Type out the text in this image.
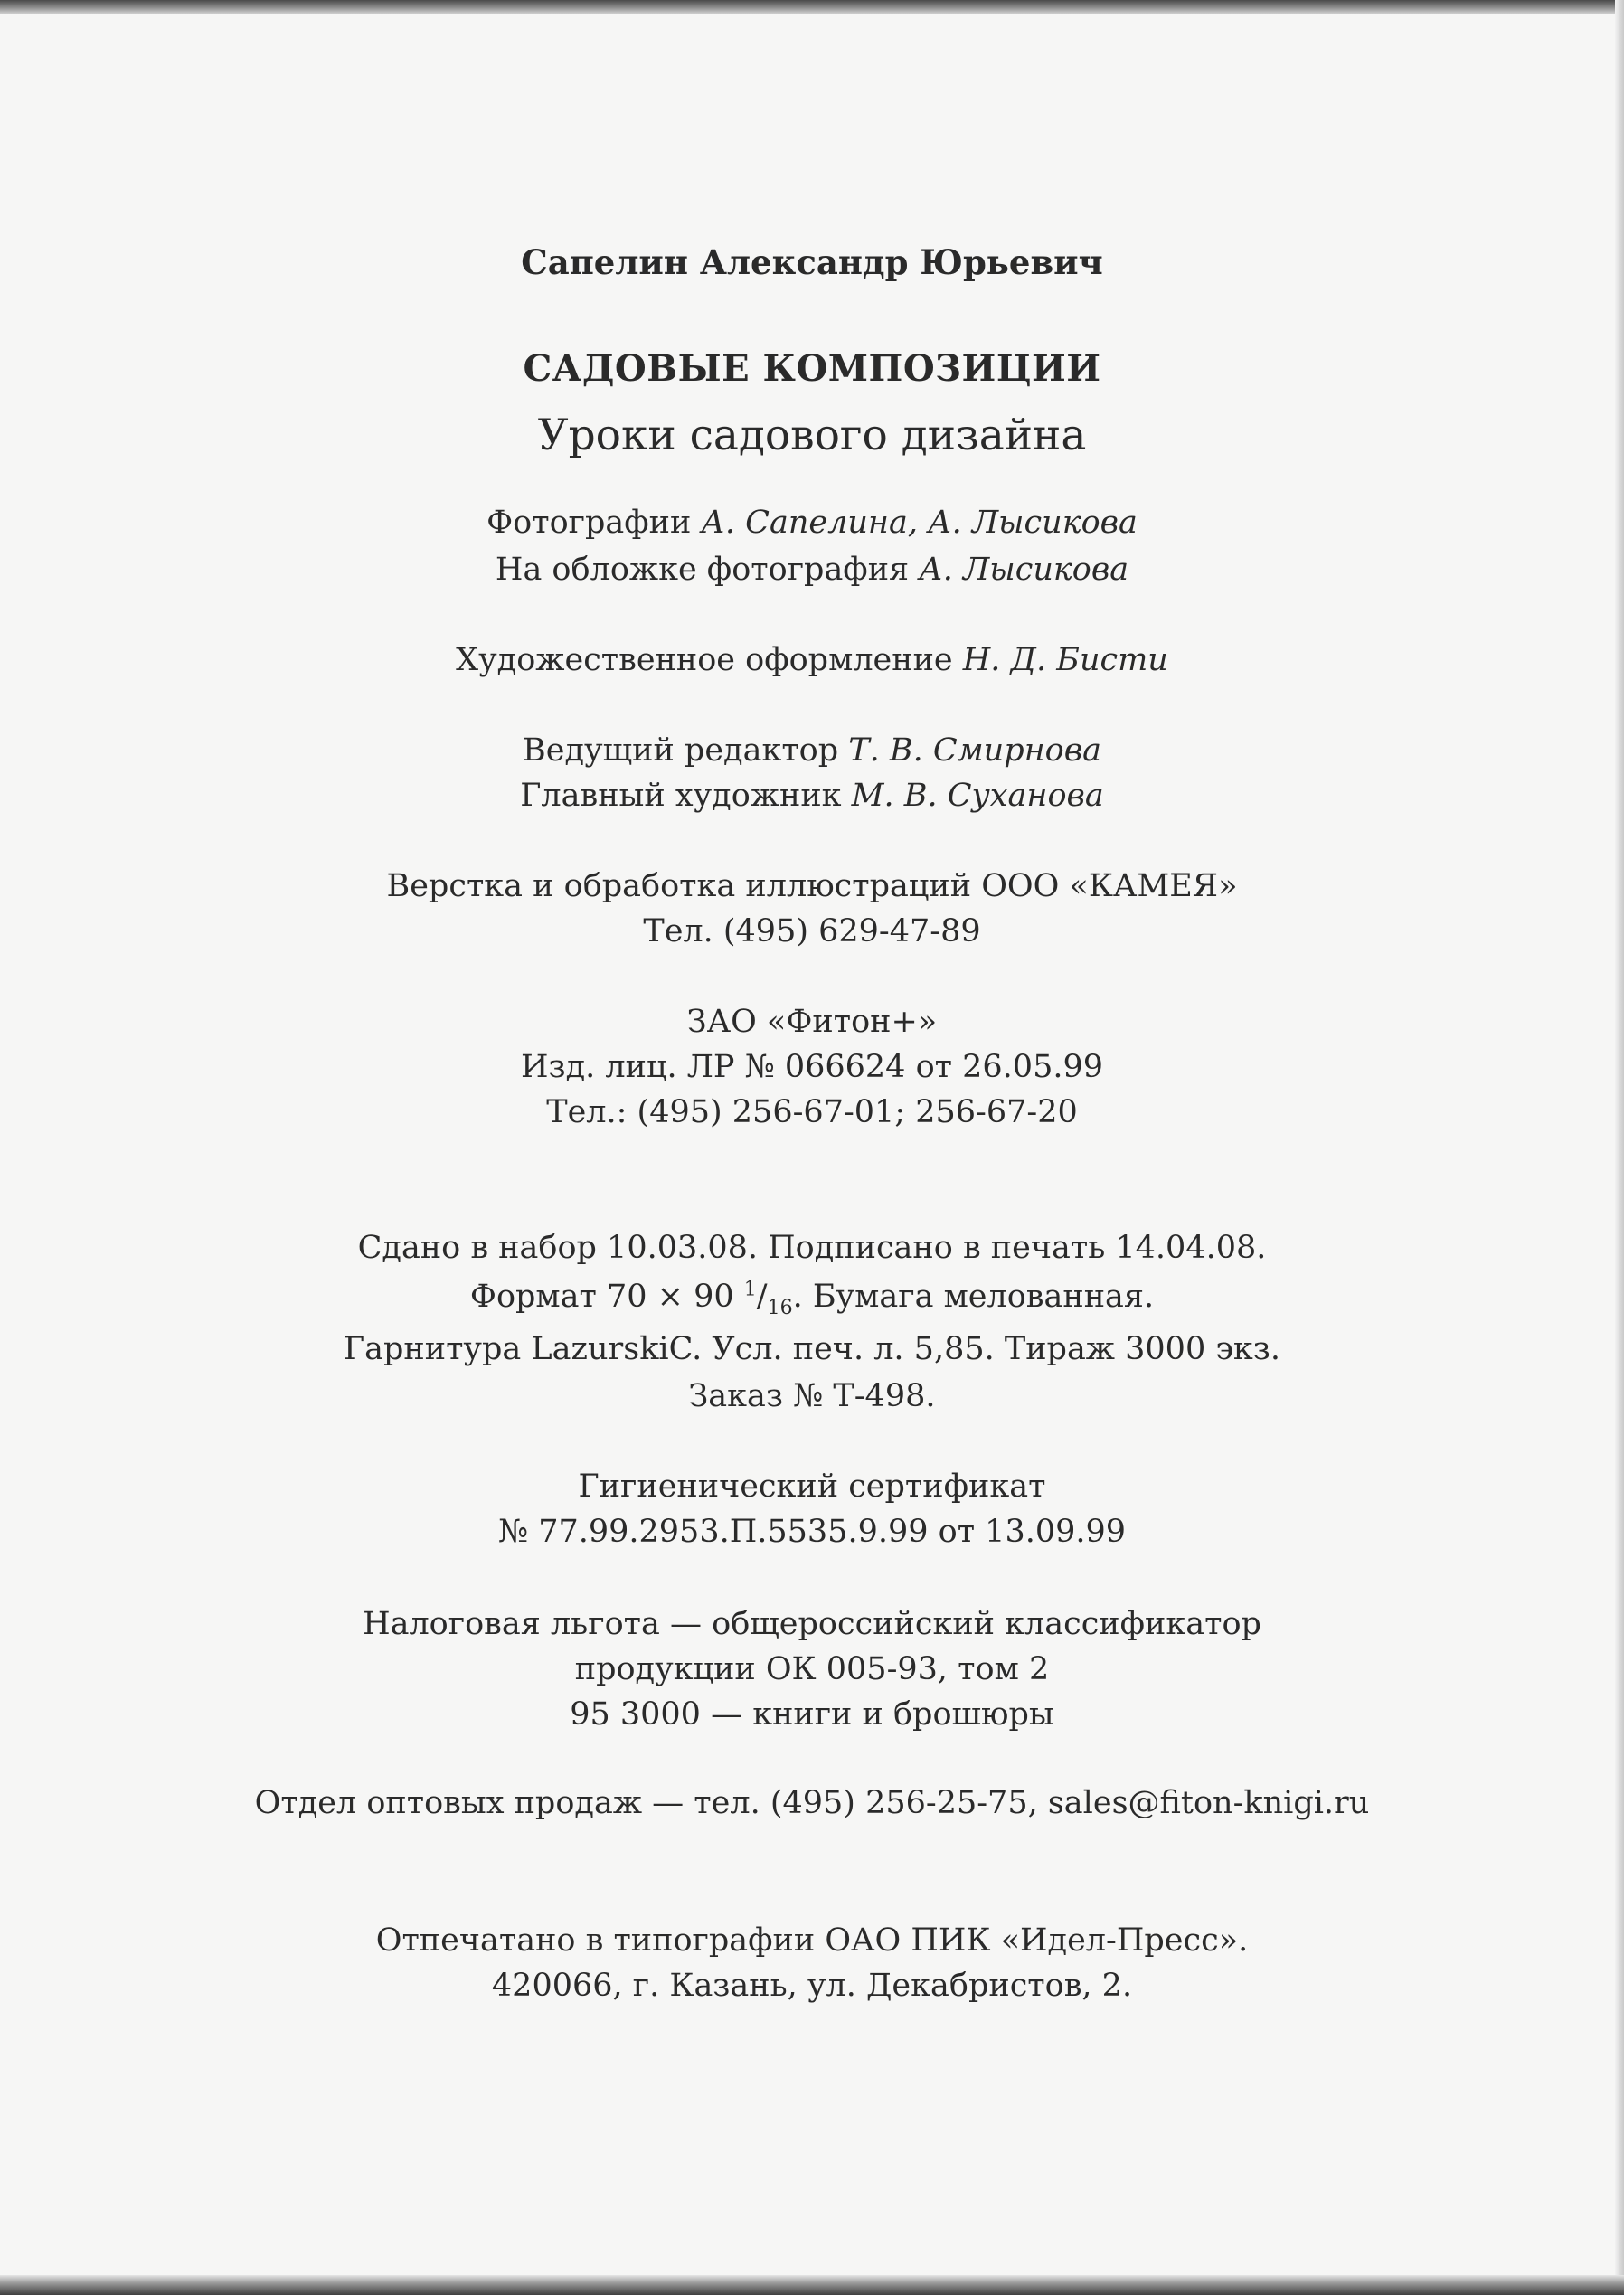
Сапелин Александр Юрьевич
САДОВЫЕ КОМПОЗИЦИИ
Уроки садового дизайна
Фотографии А. Сапелина, А. Лысикова
На обложке фотография А. Лысикова
Художественное оформление Н. Д. Бисти
Ведущий редактор Т. В. Смирнова
Главный художник М. В. Суханова
Верстка и обработка иллюстраций ООО «КАМЕЯ»
Тел. (495) 629-47-89
ЗАО «Фитон+»
Изд. лиц. ЛР № 066624 от 26.05.99
Тел.: (495) 256-67-01; 256-67-20
Сдано в набор 10.03.08. Подписано в печать 14.04.08.
Формат 70 × 90 $^1/_{16}$. Бумага мелованная.
Гарнитура LazurskiC. Усл. печ. л. 5,85. Тираж 3000 экз.
Заказ № Т-498.
Гигиенический сертификат
№ 77.99.2953.П.5535.9.99 от 13.09.99
Налоговая льгота — общероссийский классификатор
продукции ОК 005-93, том 2
95 3000 — книги и брошюры
Отдел оптовых продаж — тел. (495) 256-25-75, sales@fiton-knigi.ru
Отпечатано в типографии ОАО ПИК «Идел-Пресс».
420066, г. Казань, ул. Декабристов, 2.
